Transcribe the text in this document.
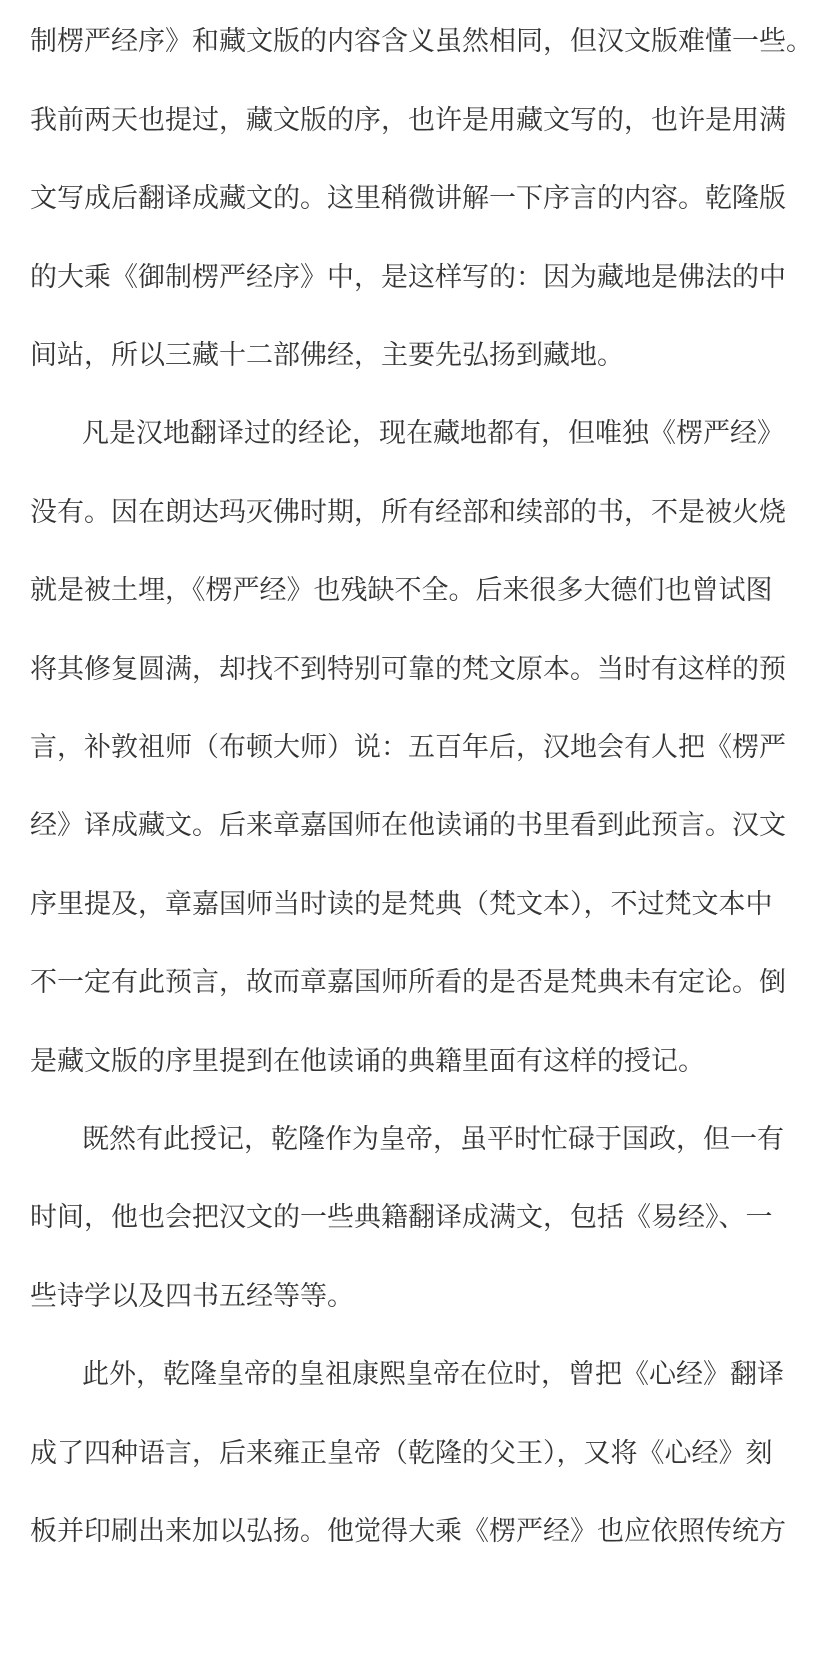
制楞严经序》和藏文版的内容含义虽然相同，但汉文版难懂一些。
我前两天也提过，藏文版的序，也许是用藏文写的，也许是用满
文写成后翻译成藏文的。这里稍微讲解一下序言的内容。乾隆版
的大乘《御制楞严经序》中，是这样写的：因为藏地是佛法的中
间站，所以三藏十二部佛经，主要先弘扬到藏地。
凡是汉地翻译过的经论，现在藏地都有，但唯独《楞严经》
没有。因在朗达玛灭佛时期，所有经部和续部的书，不是被火烧
就是被土埋，《楞严经》也残缺不全。后来很多大德们也曾试图
将其修复圆满，却找不到特别可靠的梵文原本。当时有这样的预
言，补敦祖师（布顿大师）说：五百年后，汉地会有人把《楞严
经》译成藏文。后来章嘉国师在他读诵的书里看到此预言。汉文
序里提及，章嘉国师当时读的是梵典（梵文本），不过梵文本中
不一定有此预言，故而章嘉国师所看的是否是梵典未有定论。倒
是藏文版的序里提到在他读诵的典籍里面有这样的授记。
既然有此授记，乾隆作为皇帝，虽平时忙碌于国政，但一有
时间，他也会把汉文的一些典籍翻译成满文，包括《易经》、一
些诗学以及四书五经等等。
此外，乾隆皇帝的皇祖康熙皇帝在位时，曾把《心经》翻译
成了四种语言，后来雍正皇帝（乾隆的父王），又将《心经》刻
板并印刷出来加以弘扬。他觉得大乘《楞严经》也应依照传统方
